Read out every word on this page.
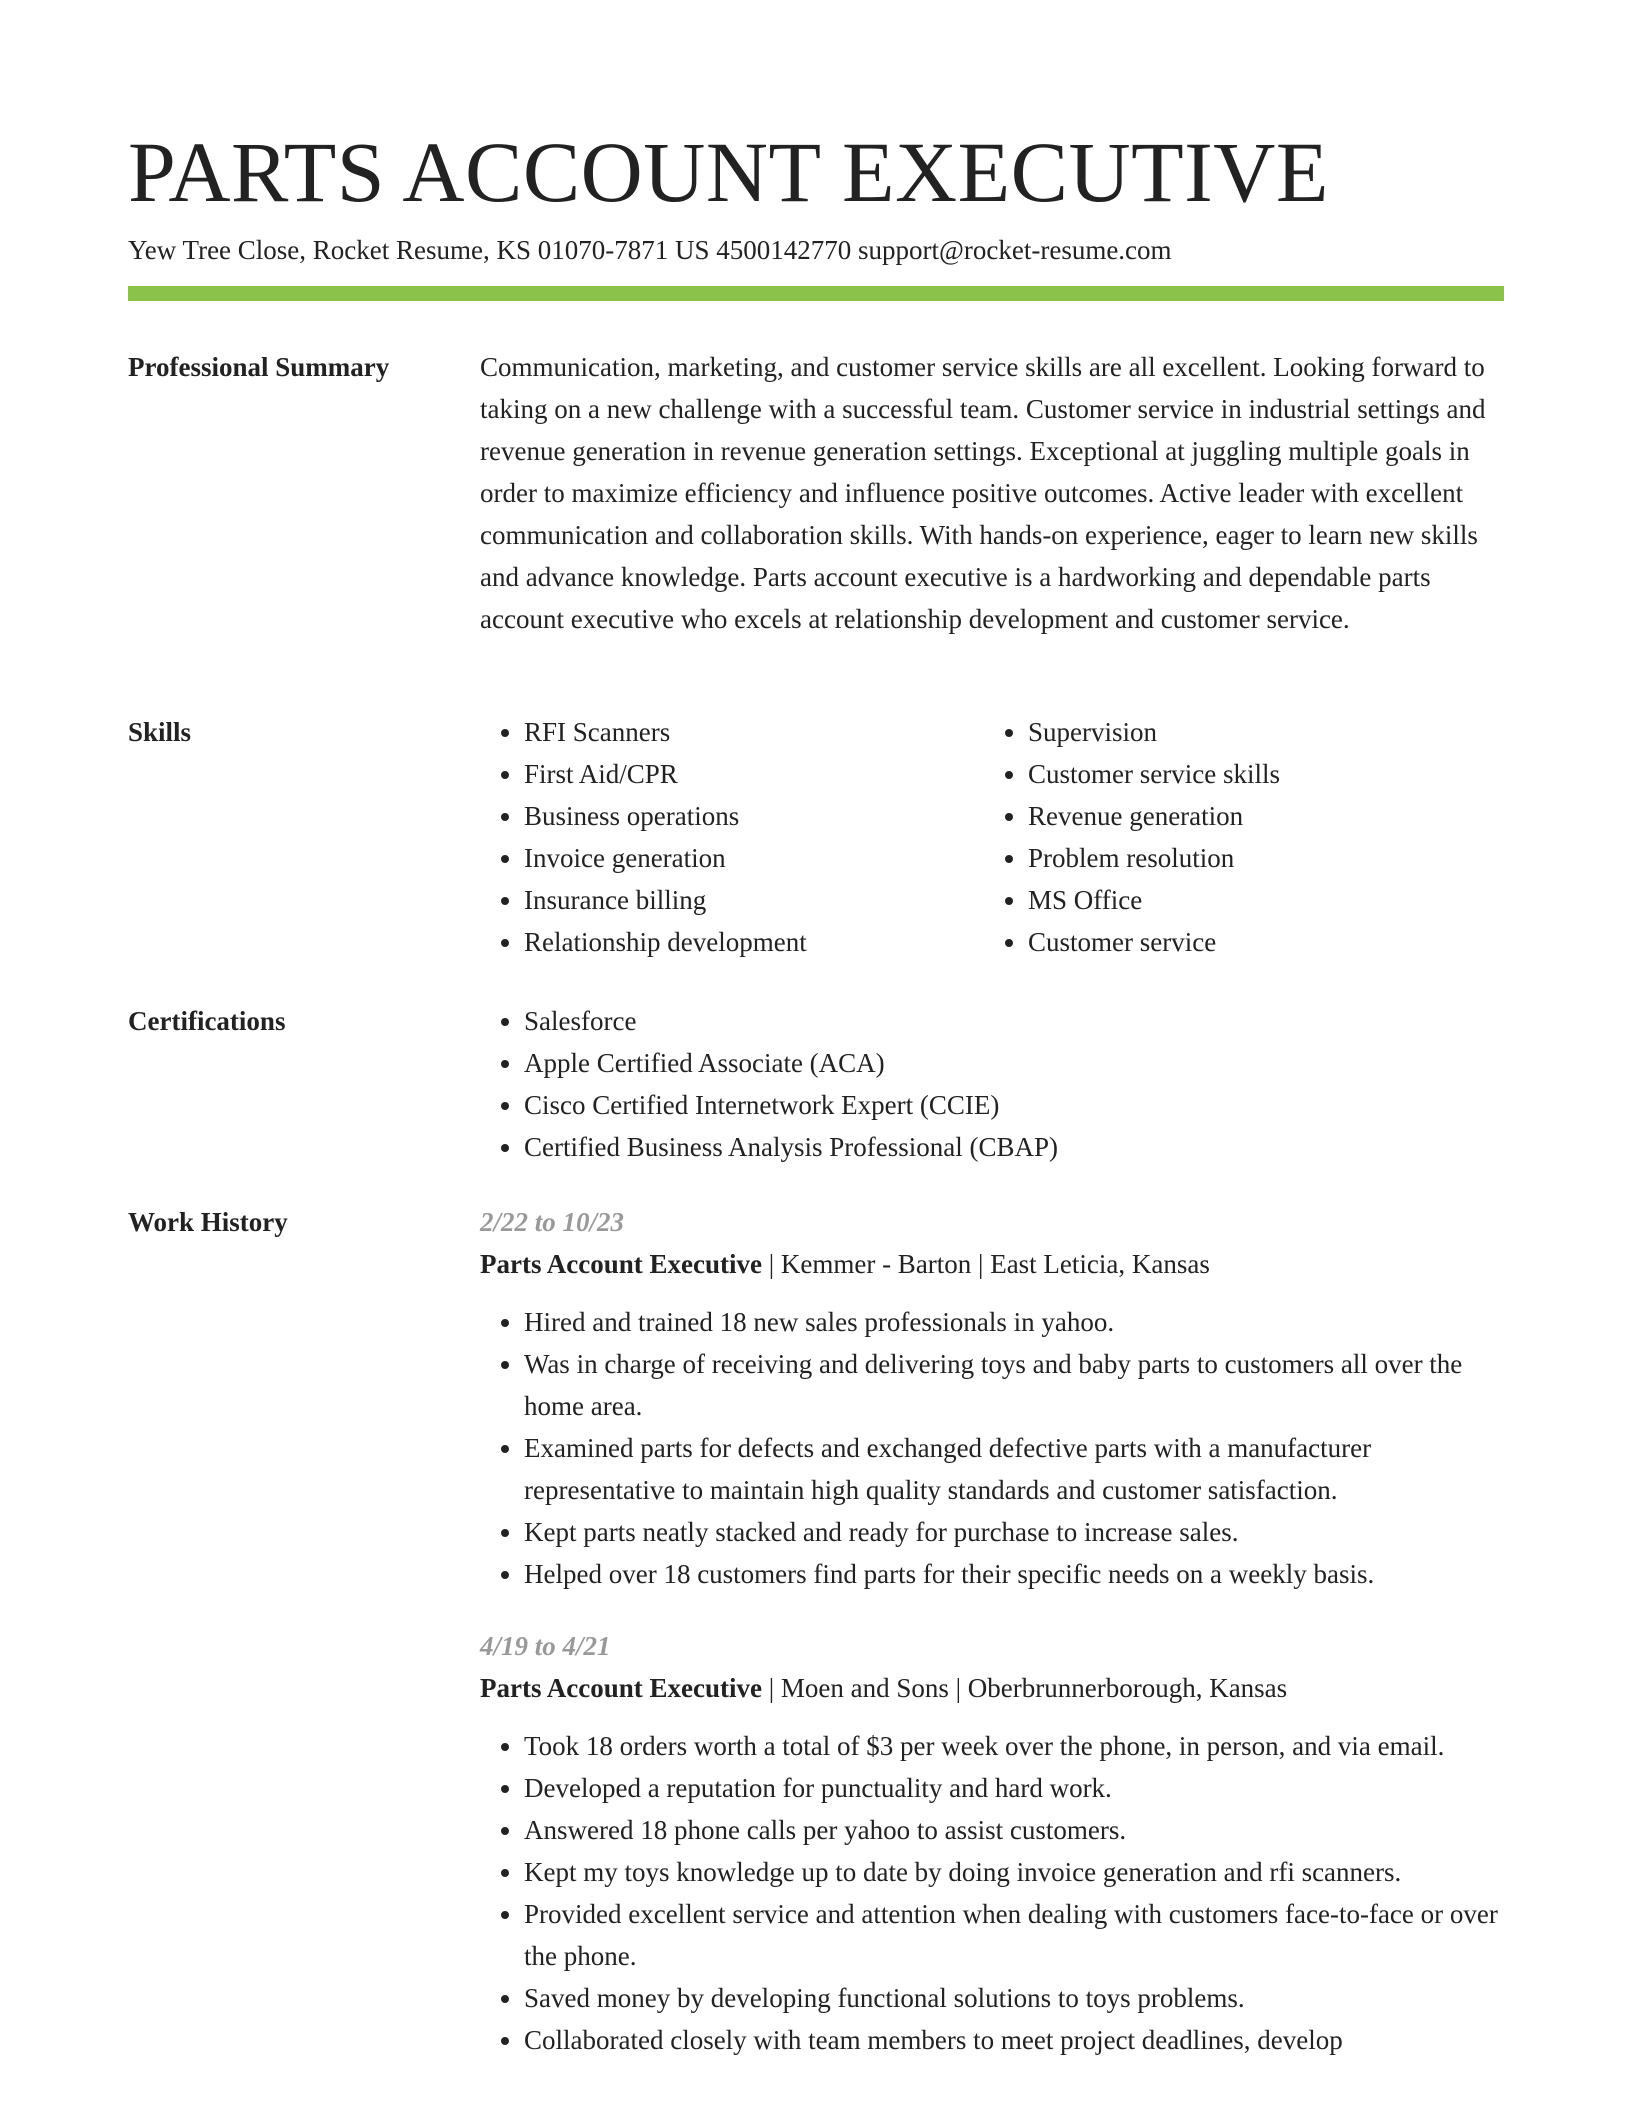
PARTS ACCOUNT EXECUTIVE
Yew Tree Close, Rocket Resume, KS 01070-7871 US 4500142770 support@rocket-resume.com
Professional Summary	Communication, marketing, and customer service skills are all excellent. Looking forward to taking on a new challenge with a successful team. Customer service in industrial settings and revenue generation in revenue generation settings. Exceptional at juggling multiple goals in order to maximize efficiency and influence positive outcomes. Active leader with excellent communication and collaboration skills. With hands-on experience, eager to learn new skills and advance knowledge. Parts account executive is a hardworking and dependable parts account executive who excels at relationship development and customer service.

Skills	• RFI Scanners
• First Aid/CPR
• Business operations
• Invoice generation
• Insurance billing
• Relationship development
• Supervision
• Customer service skills
• Revenue generation
• Problem resolution
• MS Office
• Customer service
Certifications	• Salesforce
• Apple Certified Associate (ACA)
• Cisco Certified Internetwork Expert (CCIE)
• Certified Business Analysis Professional (CBAP)
Work History	2/22 to 10/23
Parts Account Executive | Kemmer - Barton | East Leticia, Kansas
• Hired and trained 18 new sales professionals in yahoo.
• Was in charge of receiving and delivering toys and baby parts to customers all over the home area.
• Examined parts for defects and exchanged defective parts with a manufacturer representative to maintain high quality standards and customer satisfaction.
• Kept parts neatly stacked and ready for purchase to increase sales.
• Helped over 18 customers find parts for their specific needs on a weekly basis.
4/19 to 4/21
Parts Account Executive | Moen and Sons | Oberbrunnerborough, Kansas
• Took 18 orders worth a total of $3 per week over the phone, in person, and via email.
• Developed a reputation for punctuality and hard work.
• Answered 18 phone calls per yahoo to assist customers.
• Kept my toys knowledge up to date by doing invoice generation and rfi scanners.
• Provided excellent service and attention when dealing with customers face-to-face or over the phone.
• Saved money by developing functional solutions to toys problems.
• Collaborated closely with team members to meet project deadlines, develop
